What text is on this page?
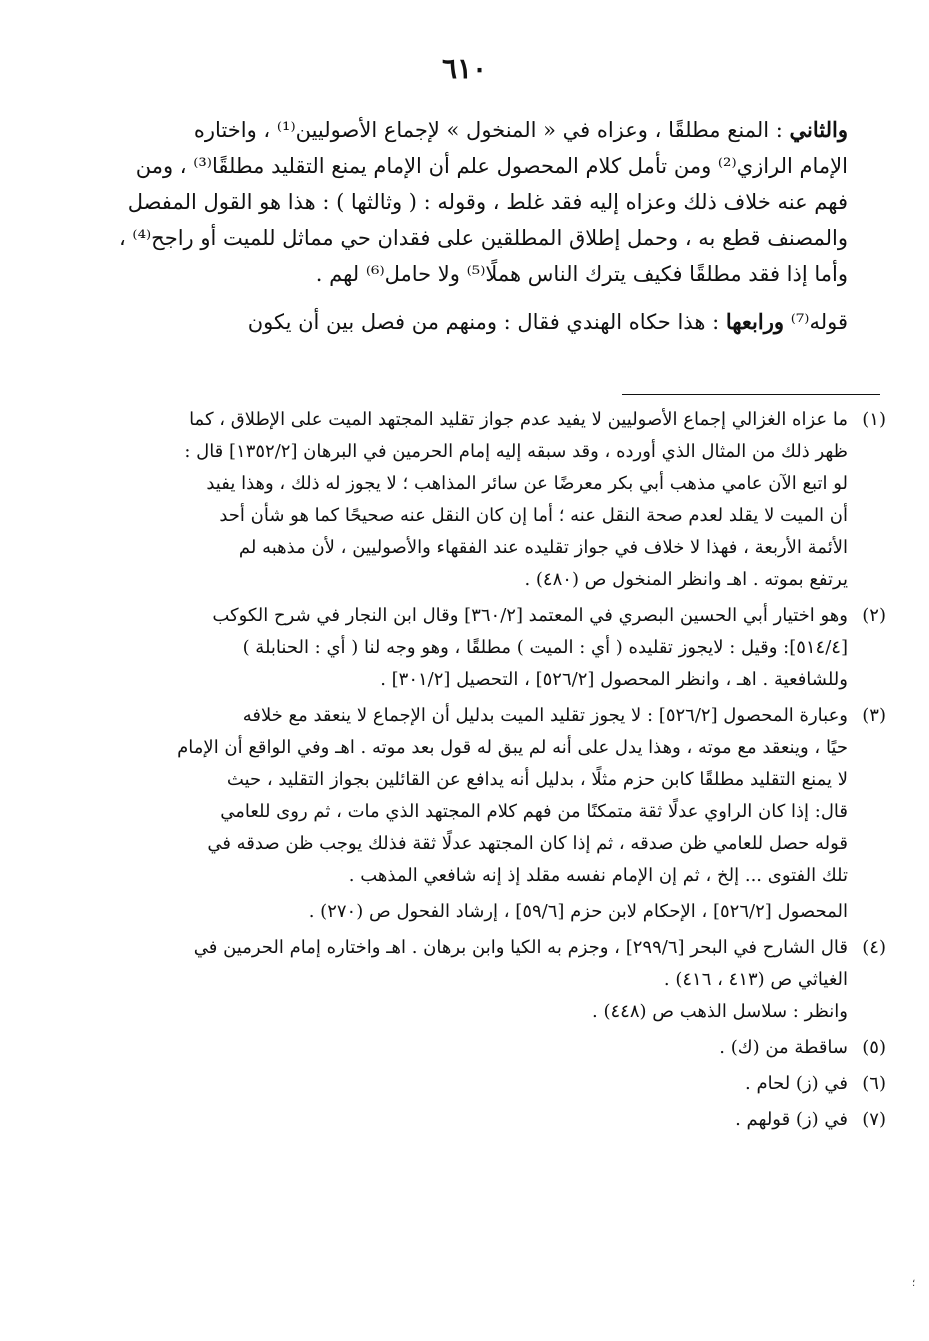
٦١٠
والثاني : المنع مطلقًا ، وعزاه في « المنخول » لإجماع الأصوليين⁽¹⁾ ، واختاره
الإمام الرازي⁽²⁾ ومن تأمل كلام المحصول علم أن الإمام يمنع التقليد مطلقًا⁽³⁾ ، ومن
فهم عنه خلاف ذلك وعزاه إليه فقد غلط ، وقوله : ( وثالثها ) : هذا هو القول المفصل
والمصنف قطع به ، وحمل إطلاق المطلقين على فقدان حي مماثل للميت أو راجح⁽⁴⁾ ،
وأما إذا فقد مطلقًا فكيف يترك الناس هملًا⁽⁵⁾ ولا حامل⁽⁶⁾ لهم .
قوله⁽⁷⁾ ورابعها : هذا حكاه الهندي فقال : ومنهم من فصل بين أن يكون
(١)
ما عزاه الغزالي إجماع الأصوليين لا يفيد عدم جواز تقليد المجتهد الميت على الإطلاق ، كما
ظهر ذلك من المثال الذي أورده ، وقد سبقه إليه إمام الحرمين في البرهان [١٣٥٢/٢] قال :
لو اتبع الآن عامي مذهب أبي بكر معرضًا عن سائر المذاهب ؛ لا يجوز له ذلك ، وهذا يفيد
أن الميت لا يقلد لعدم صحة النقل عنه ؛ أما إن كان النقل عنه صحيحًا كما هو شأن أحد
الأئمة الأربعة ، فهذا لا خلاف في جواز تقليده عند الفقهاء والأصوليين ، لأن مذهبه لم
يرتفع بموته . اهـ وانظر المنخول ص (٤٨٠) .
(٢)
وهو اختيار أبي الحسين البصري في المعتمد [٣٦٠/٢] وقال ابن النجار في شرح الكوكب
[٥١٤/٤]: وقيل : لايجوز تقليده ( أي : الميت ) مطلقًا ، وهو وجه لنا ( أي : الحنابلة )
وللشافعية . اهـ ، وانظر المحصول [٥٢٦/٢] ، التحصيل [٣٠١/٢] .
(٣)
وعبارة المحصول [٥٢٦/٢] : لا يجوز تقليد الميت بدليل أن الإجماع لا ينعقد مع خلافه
حيًا ، وينعقد مع موته ، وهذا يدل على أنه لم يبق له قول بعد موته . اهـ وفي الواقع أن الإمام
لا يمنع التقليد مطلقًا كابن حزم مثلًا ، بدليل أنه يدافع عن القائلين بجواز التقليد ، حيث
قال: إذا كان الراوي عدلًا ثقة متمكنًا من فهم كلام المجتهد الذي مات ، ثم روى للعامي
قوله حصل للعامي ظن صدقه ، ثم إذا كان المجتهد عدلًا ثقة فذلك يوجب ظن صدقه في
تلك الفتوى ... إلخ ، ثم إن الإمام نفسه مقلد إذ إنه شافعي المذهب .
المحصول [٥٢٦/٢] ، الإحكام لابن حزم [٥٩/٦] ، إرشاد الفحول ص (٢٧٠) .
(٤)
قال الشارح في البحر [٢٩٩/٦] ، وجزم به الكيا وابن برهان . اهـ واختاره إمام الحرمين في
الغياثي ص (٤١٣ ، ٤١٦) .
وانظر : سلاسل الذهب ص (٤٤٨) .
(٥)
ساقطة من (ك) .
(٦)
في (ز) لحام .
(٧)
في (ز) قولهم .
؛
